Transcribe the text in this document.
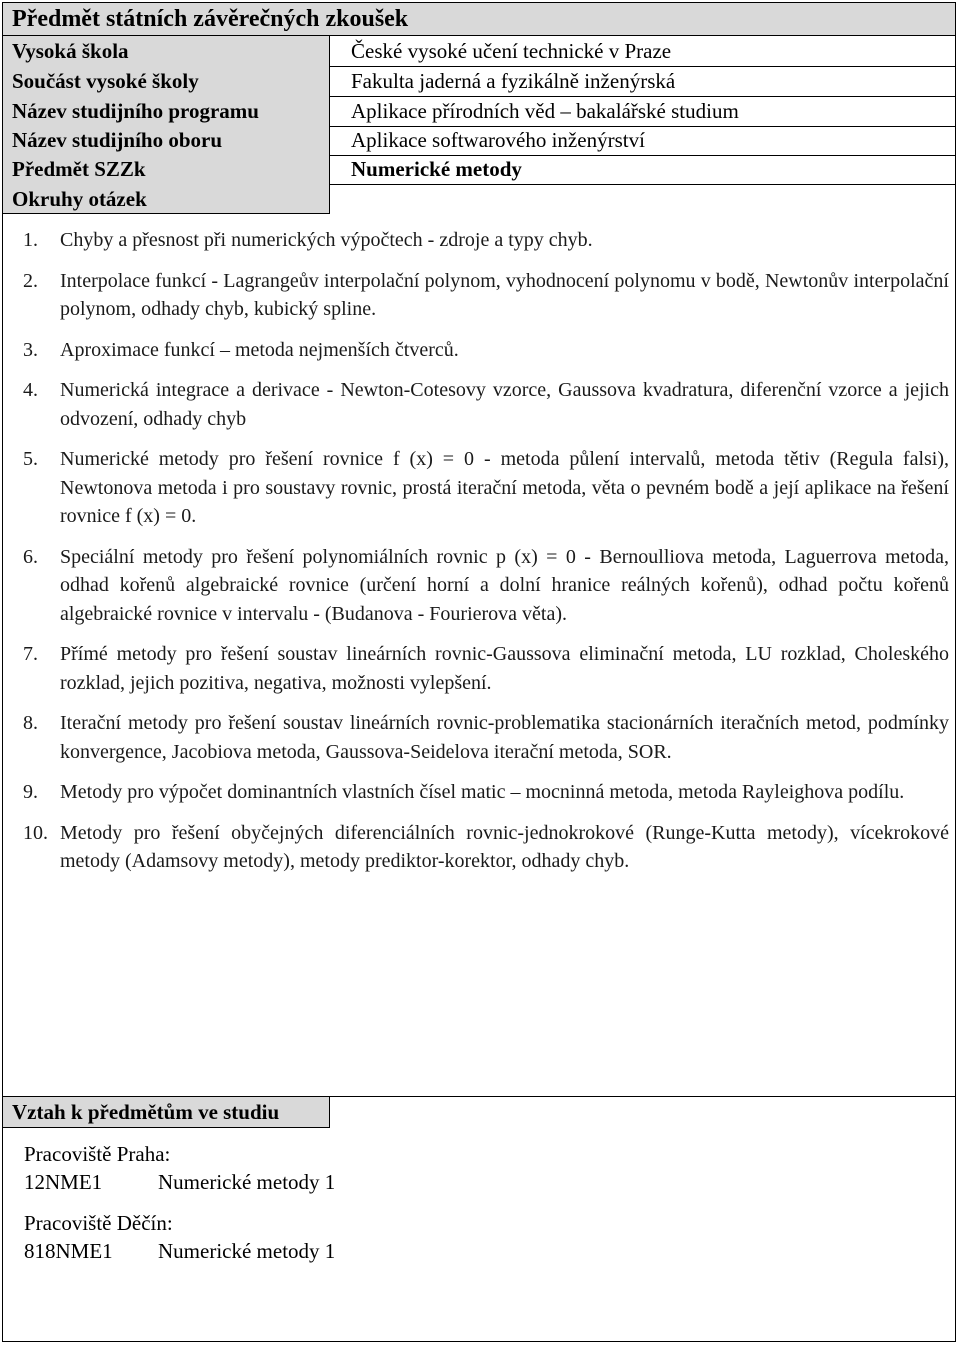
Předmět státních závěrečných zkoušek
Vysoká škola	České vysoké učení technické v Praze
Součást vysoké školy	Fakulta jaderná a fyzikálně inženýrská
Název studijního programu	Aplikace přírodních věd – bakalářské studium
Název studijního oboru	Aplikace softwarového inženýrství
Předmět SZZk	Numerické metody
Okruhy otázek
1.	Chyby a přesnost při numerických výpočtech - zdroje a typy chyb.
2.	Interpolace funkcí - Lagrangeův interpolační polynom, vyhodnocení polynomu v bodě, Newtonův interpolační polynom, odhady chyb, kubický spline.
3.	Aproximace funkcí – metoda nejmenších čtverců.
4.	Numerická integrace a derivace - Newton-Cotesovy vzorce, Gaussova kvadratura, diferenční vzorce a jejich odvození, odhady chyb
5.	Numerické metody pro řešení rovnice f (x) = 0 - metoda půlení intervalů, metoda tětiv (Regula falsi), Newtonova metoda i pro soustavy rovnic, prostá iterační metoda, věta o pevném bodě a její aplikace na řešení rovnice f (x) = 0.
6.	Speciální metody pro řešení polynomiálních rovnic p (x) = 0 - Bernoulliova metoda, Laguerrova metoda, odhad kořenů algebraické rovnice (určení horní a dolní hranice reálných kořenů), odhad počtu kořenů algebraické rovnice v intervalu - (Budanova - Fourierova věta).
7.	Přímé metody pro řešení soustav lineárních rovnic-Gaussova eliminační metoda, LU rozklad, Choleského rozklad, jejich pozitiva, negativa, možnosti vylepšení.
8.	Iterační metody pro řešení soustav lineárních rovnic-problematika stacionárních iteračních metod, podmínky konvergence, Jacobiova metoda, Gaussova-Seidelova iterační metoda, SOR.
9.	Metody pro výpočet dominantních vlastních čísel matic – mocninná metoda, metoda Rayleighova podílu.
10. Metody pro řešení obyčejných diferenciálních rovnic-jednokrokové (Runge-Kutta metody), vícekrokové metody (Adamsovy metody), metody prediktor-korektor, odhady chyb.
Vztah k předmětům ve studiu
Pracoviště Praha:
12NME1	Numerické metody 1
Pracoviště Děčín:
818NME1	Numerické metody 1
